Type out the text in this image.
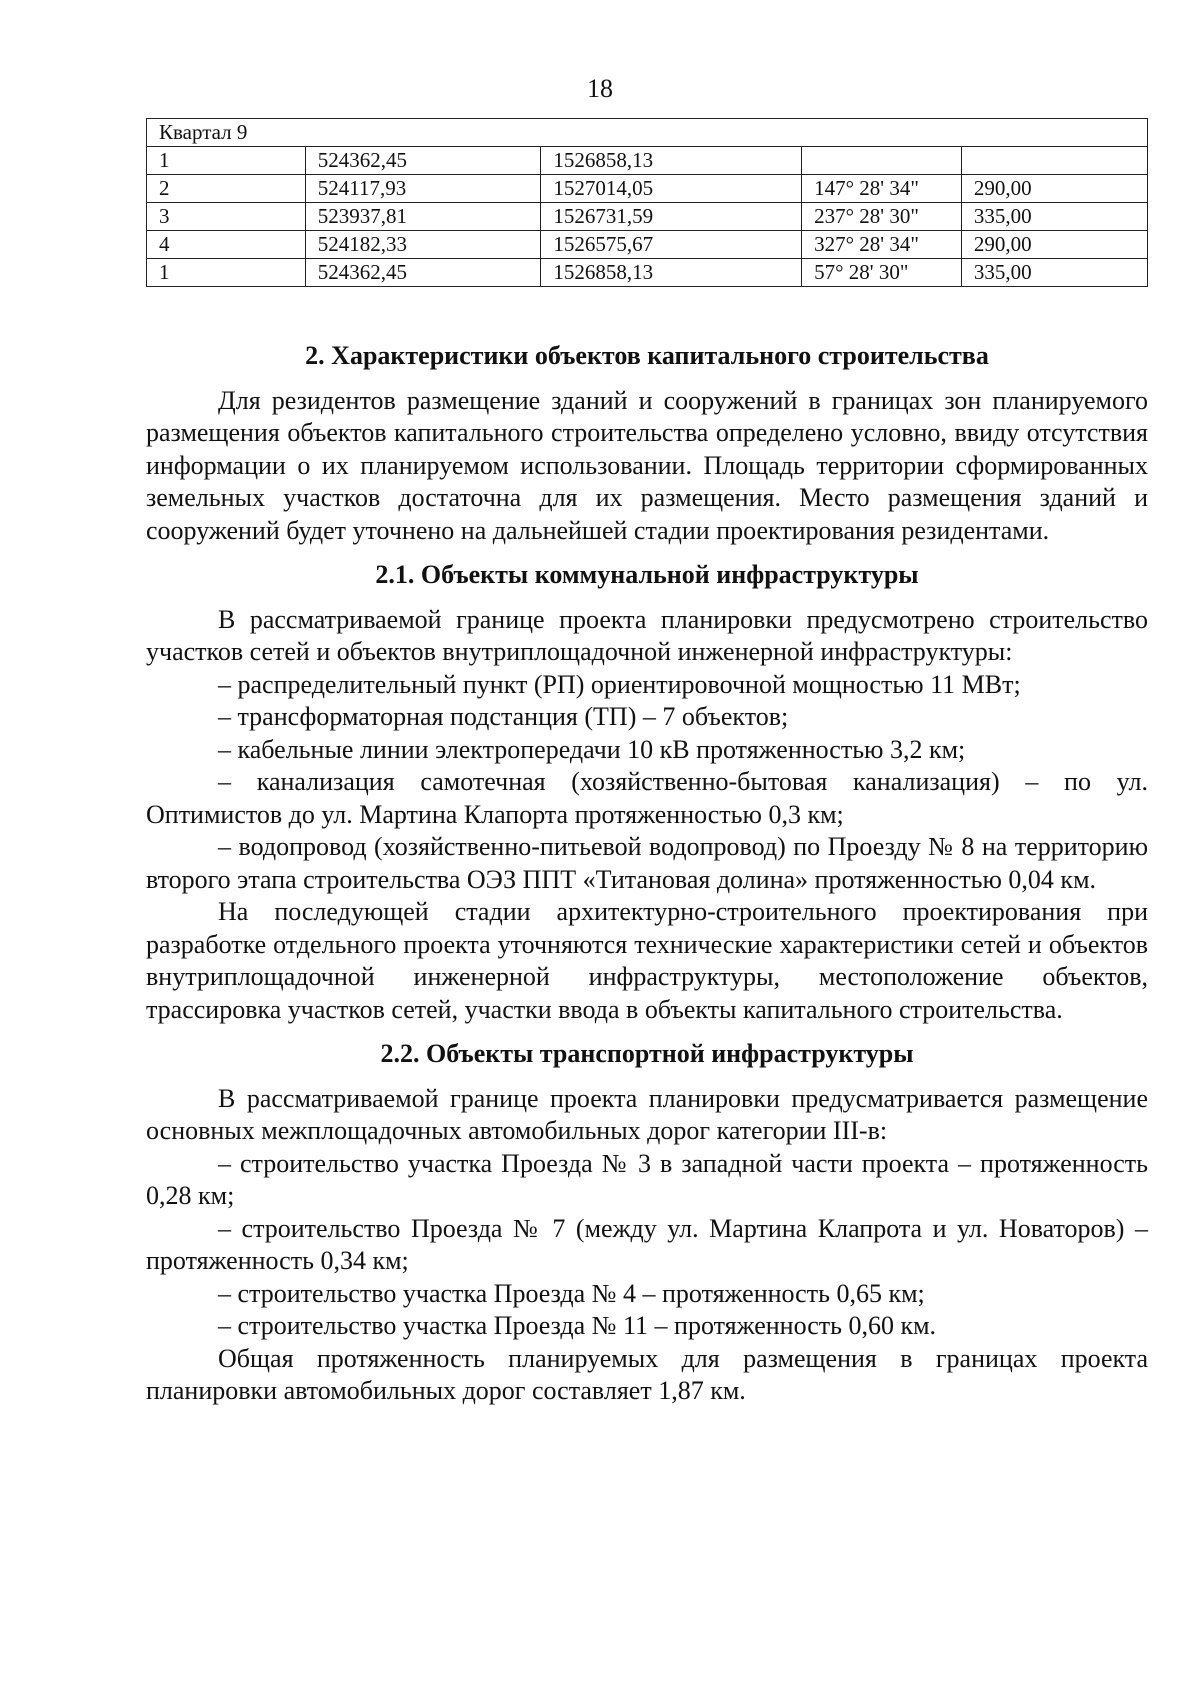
18
Квартал 9				
1	524362,45	1526858,13		
2	524117,93	1527014,05	147° 28' 34"	290,00
3	523937,81	1526731,59	237° 28' 30"	335,00
4	524182,33	1526575,67	327° 28' 34"	290,00
1	524362,45	1526858,13	57° 28' 30"	335,00

2. Характеристики объектов капитального строительства

Для резидентов размещение зданий и сооружений в границах зон планируемого размещения объектов капитального строительства определено условно, ввиду отсутствия информации о их планируемом использовании. Площадь территории сформированных земельных участков достаточна для их размещения. Место размещения зданий и сооружений будет уточнено на дальнейшей стадии проектирования резидентами.

2.1. Объекты коммунальной инфраструктуры

В рассматриваемой границе проекта планировки предусмотрено строительство участков сетей и объектов внутриплощадочной инженерной инфраструктуры:

– распределительный пункт (РП) ориентировочной мощностью 11 МВт;

– трансформаторная подстанция (ТП) – 7 объектов;

– кабельные линии электропередачи 10 кВ протяженностью 3,2 км;

– канализация самотечная (хозяйственно-бытовая канализация) – по ул. Оптимистов до ул. Мартина Клапорта протяженностью 0,3 км;

– водопровод (хозяйственно-питьевой водопровод) по Проезду № 8 на территорию второго этапа строительства ОЭЗ ППТ «Титановая долина» протяженностью 0,04 км.

На последующей стадии архитектурно-строительного проектирования при разработке отдельного проекта уточняются технические характеристики сетей и объектов внутриплощадочной инженерной инфраструктуры, местоположение объектов, трассировка участков сетей, участки ввода в объекты капитального строительства.

2.2. Объекты транспортной инфраструктуры

В рассматриваемой границе проекта планировки предусматривается размещение основных межплощадочных автомобильных дорог категории III-в:

– строительство участка Проезда № 3 в западной части проекта – протяженность 0,28 км;

– строительство Проезда № 7 (между ул. Мартина Клапрота и ул. Новаторов) – протяженность 0,34 км;

– строительство участка Проезда № 4 – протяженность 0,65 км;

– строительство участка Проезда № 11 – протяженность 0,60 км.

Общая протяженность планируемых для размещения в границах проекта планировки автомобильных дорог составляет 1,87 км.
